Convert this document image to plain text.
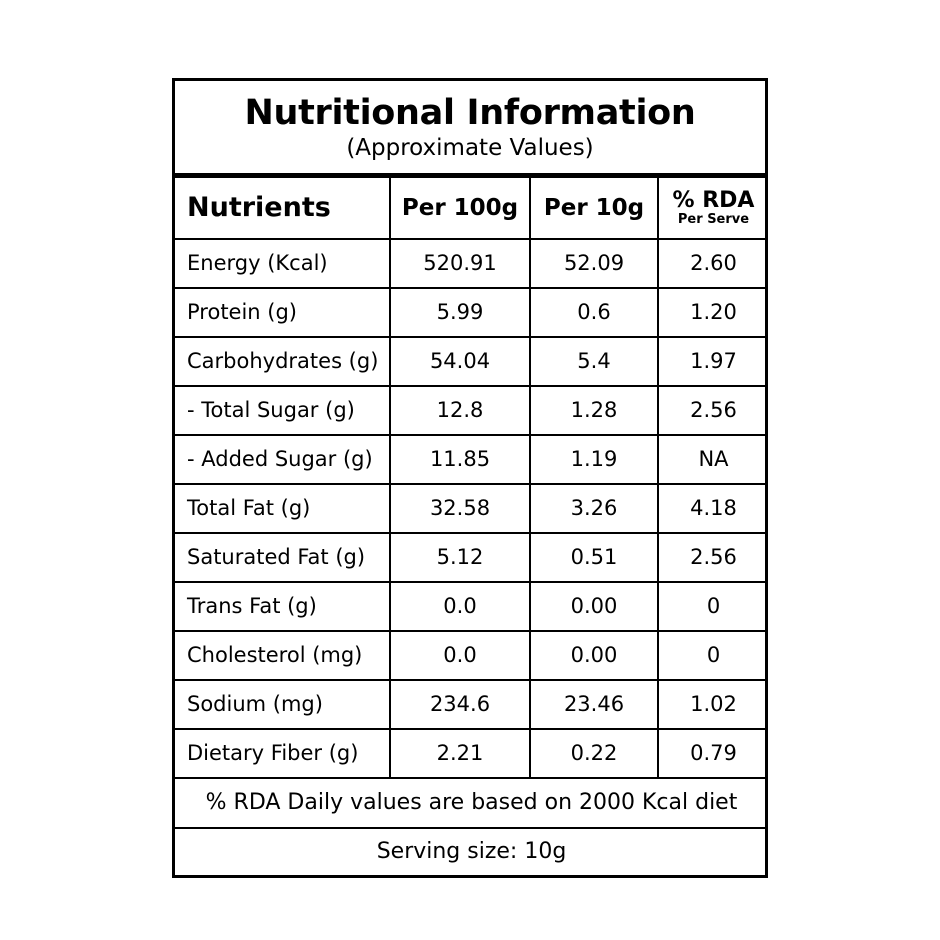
Nutritional Information
(Approximate Values)
Nutrients	Per 100g	Per 10g	% RDA
Per Serve

Energy (Kcal)	520.91	52.09	2.60
Protein (g)	5.99	0.6	1.20
Carbohydrates (g)	54.04	5.4	1.97
- Total Sugar (g)	12.8	1.28	2.56
- Added Sugar (g)	11.85	1.19	NA
Total Fat (g)	32.58	3.26	4.18
Saturated Fat (g)	5.12	0.51	2.56
Trans Fat (g)	0.0	0.00	0
Cholesterol (mg)	0.0	0.00	0
Sodium (mg)	234.6	23.46	1.02
Dietary Fiber (g)	2.21	0.22	0.79
% RDA Daily values are based on 2000 Kcal diet			
Serving size: 10g			
